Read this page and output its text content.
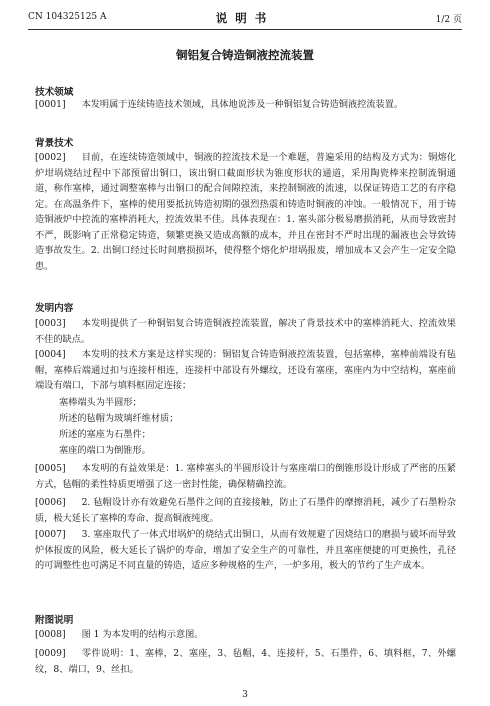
CN 104325125 A	说明书	1/2 页
铜铝复合铸造铜液控流装置
技术领域

[0001] 本发明属于连续铸造技术领域，具体地说涉及一种铜铝复合铸造铜液控流装置。

背景技术

[0002] 目前，在连续铸造领域中，铜液的控流技术是一个难题，普遍采用的结构及方式为：铜熔化炉坩埚烧结过程中下部预留出铜口，该出铜口截面形状为锥度形状的通道，采用陶瓷棒来控制流铜通道，称作塞棒，通过调整塞棒与出铜口的配合间隙控流，来控制铜液的流速，以保证铸造工艺的有序稳定。在高温条件下，塞棒的使用要抵抗铸造初期的强烈热震和铸造时铜液的冲蚀。一般情况下，用于铸造铜液炉中控流的塞棒消耗大，控流效果不佳。具体表现在：1. 塞头部分极易磨损消耗，从而导致密封不严，既影响了正常稳定铸造，频繁更换又造成高额的成本，并且在密封不严时出现的漏液也会导致铸造事故发生。2. 出铜口经过长时间磨损损坏，使得整个熔化炉坩埚报废，增加成本又会产生一定安全隐患。

发明内容

[0003] 本发明提供了一种铜铝复合铸造铜液控流装置，解决了背景技术中的塞棒消耗大、控流效果不佳的缺点。

[0004] 本发明的技术方案是这样实现的：铜铝复合铸造铜液控流装置，包括塞棒，塞棒前端设有毡帽，塞棒后端通过扣与连接杆相连，连接杆中部设有外螺纹，还设有塞座，塞座内为中空结构，塞座前端设有端口，下部与填料框固定连接；

塞棒端头为半圆形；
所述的毡帽为玻璃纤维材质；
所述的塞座为石墨件；
塞座的端口为倒锥形。

[0005] 本发明的有益效果是：1. 塞棒塞头的半圆形设计与塞座端口的倒锥形设计形成了严密的压紧方式，毡帽的柔性特质更增强了这一密封性能，确保精确控流。

[0006] 2. 毡帽设计亦有效避免石墨件之间的直接接触，防止了石墨件的摩擦消耗，减少了石墨粉杂质，极大延长了塞棒的寿命、提高铜液纯度。

[0007] 3. 塞座取代了一体式坩埚炉的烧结式出铜口，从而有效规避了因烧结口的磨损与破坏而导致炉体报废的风险，极大延长了锅炉的寿命，增加了安全生产的可靠性，并且塞座便捷的可更换性，孔径的可调整性也可满足不同直量的铸造，适应多种规格的生产，一炉多用，极大的节约了生产成本。

附图说明

[0008] 图 1 为本发明的结构示意图。

[0009] 零件说明：1、塞棒，2、塞座，3、毡帽，4、连接杆，5、石墨件，6、填料框，7、外螺纹，8、端口，9、丝扣。

3
